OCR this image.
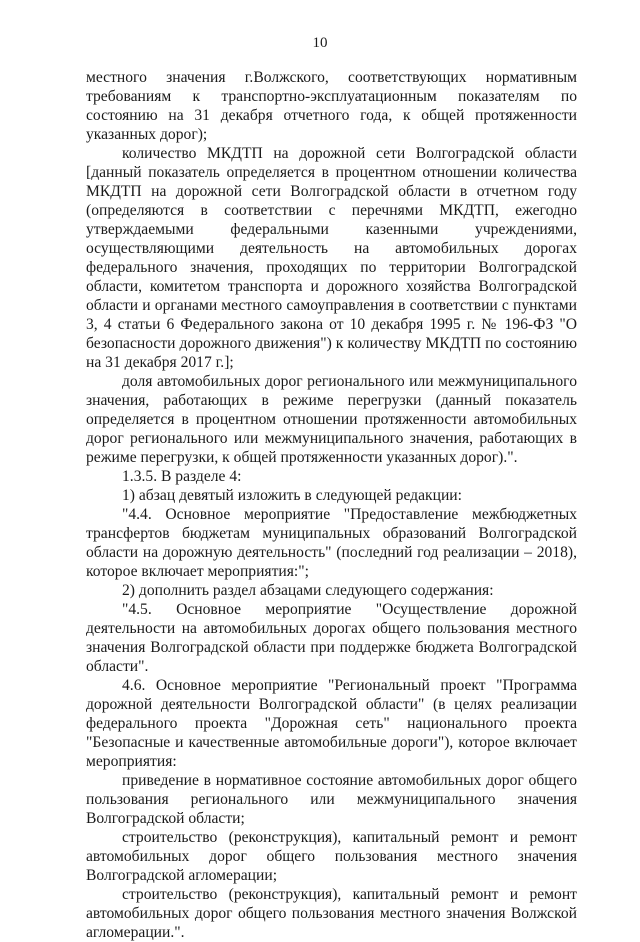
10

местного значения г.Волжского, соответствующих нормативным требованиям к транспортно-эксплуатационным показателям по состоянию на 31 декабря отчетного года, к общей протяженности указанных дорог);

количество МКДТП на дорожной сети Волгоградской области [данный показатель определяется в процентном отношении количества МКДТП на дорожной сети Волгоградской области в отчетном году (определяются в соответствии с перечнями МКДТП, ежегодно утверждаемыми федеральными казенными учреждениями, осуществляющими деятельность на автомобильных дорогах федерального значения, проходящих по территории Волгоградской области, комитетом транспорта и дорожного хозяйства Волгоградской области и органами местного самоуправления в соответствии с пунктами 3, 4 статьи 6 Федерального закона от 10 декабря 1995 г. № 196-ФЗ "О безопасности дорожного движения") к количеству МКДТП по состоянию на 31 декабря 2017 г.];

доля автомобильных дорог регионального или межмуниципального значения, работающих в режиме перегрузки (данный показатель определяется в процентном отношении протяженности автомобильных дорог регионального или межмуниципального значения, работающих в режиме перегрузки, к общей протяженности указанных дорог).".

1.3.5. В разделе 4:

1) абзац девятый изложить в следующей редакции:

"4.4. Основное мероприятие "Предоставление межбюджетных трансфертов бюджетам муниципальных образований Волгоградской области на дорожную деятельность" (последний год реализации – 2018), которое включает мероприятия:";

2) дополнить раздел абзацами следующего содержания:

"4.5. Основное мероприятие "Осуществление дорожной деятельности на автомобильных дорогах общего пользования местного значения Волгоградской области при поддержке бюджета Волгоградской области".

4.6. Основное мероприятие "Региональный проект "Программа дорожной деятельности Волгоградской области" (в целях реализации федерального проекта "Дорожная сеть" национального проекта "Безопасные и качественные автомобильные дороги"), которое включает мероприятия:

приведение в нормативное состояние автомобильных дорог общего пользования регионального или межмуниципального значения Волгоградской области;

строительство (реконструкция), капитальный ремонт и ремонт автомобильных дорог общего пользования местного значения Волгоградской агломерации;

строительство (реконструкция), капитальный ремонт и ремонт автомобильных дорог общего пользования местного значения Волжской агломерации.".
